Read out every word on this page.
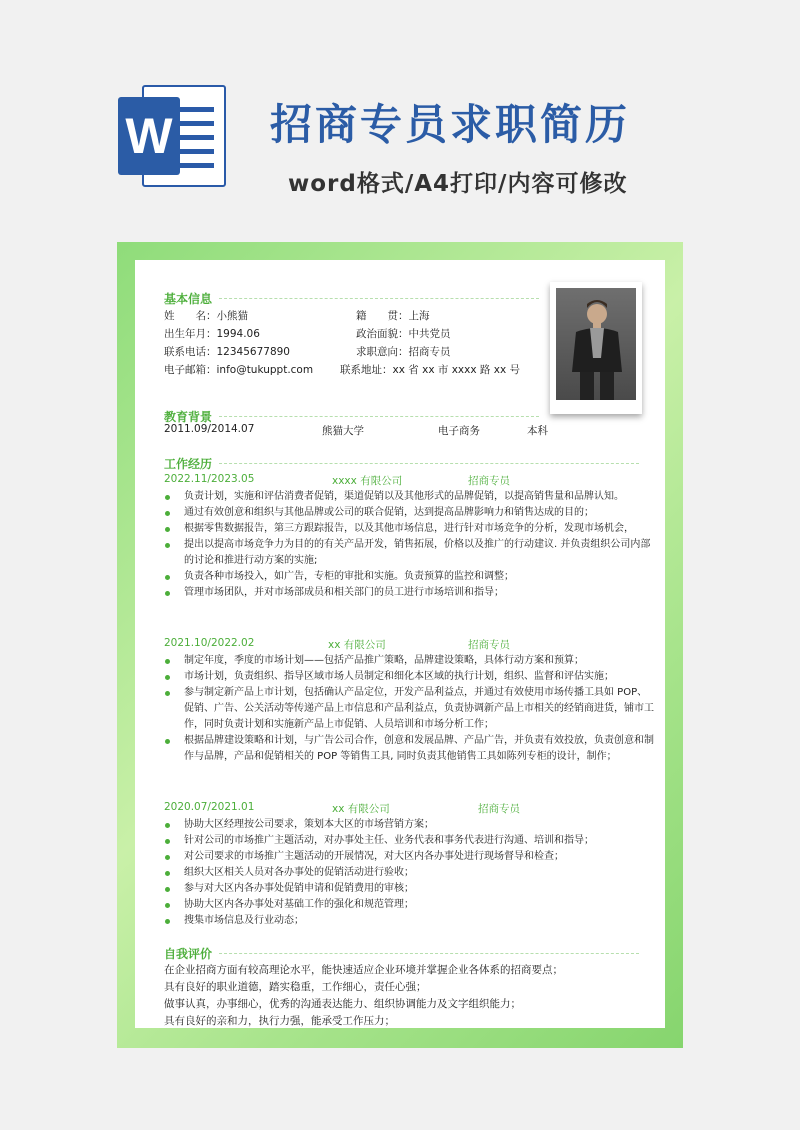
W 招商专员求职简历
word格式/A4打印/内容可修改
基本信息

姓　　名：小熊猫	籍　　贯：上海

出生年月：1994.06	政治面貌：中共党员

联系电话：12345677890	求职意向：招商专员

电子邮箱：info@tukuppt.com	联系地址：xx 省 xx 市 xxxx 路 xx 号

教育背景

2011.09/2014.07	熊猫大学	电子商务	本科

工作经历

2022.11/2023.05	xxxx 有限公司	招商专员

负责计划，实施和评估消费者促销，渠道促销以及其他形式的品牌促销，以提高销售量和品牌认知。
通过有效创意和组织与其他品牌或公司的联合促销，达到提高品牌影响力和销售达成的目的；
根据零售数据报告，第三方跟踪报告，以及其他市场信息，进行针对市场竞争的分析，发现市场机会，
提出以提高市场竞争力为目的的有关产品开发，销售拓展，价格以及推广的行动建议. 并负责组织公司内部的讨论和推进行动方案的实施;
负责各种市场投入，如广告，专柜的审批和实施。负责预算的监控和调整；
管理市场团队，并对市场部成员和相关部门的员工进行市场培训和指导；

2021.10/2022.02	xx 有限公司	招商专员

制定年度，季度的市场计划——包括产品推广策略，品牌建设策略，具体行动方案和预算；
市场计划，负责组织、指导区域市场人员制定和细化本区域的执行计划，组织、监督和评估实施；
参与制定新产品上市计划，包括确认产品定位，开发产品利益点，并通过有效使用市场传播工具如 POP、促销、广告、公关活动等传递产品上市信息和产品利益点，负责协调新产品上市相关的经销商进货，铺市工作，同时负责计划和实施新产品上市促销、人员培训和市场分析工作；
根据品牌建设策略和计划，与广告公司合作，创意和发展品牌、产品广告，并负责有效投放，负责创意和制作与品牌，产品和促销相关的 POP 等销售工具, 同时负责其他销售工具如陈列专柜的设计，制作；

2020.07/2021.01	xx 有限公司	招商专员

协助大区经理按公司要求，策划本大区的市场营销方案；
针对公司的市场推广主题活动，对办事处主任、业务代表和事务代表进行沟通、培训和指导；
对公司要求的市场推广主题活动的开展情况，对大区内各办事处进行现场督导和检查；
组织大区相关人员对各办事处的促销活动进行验收；
参与对大区内各办事处促销申请和促销费用的审核；
协助大区内各办事处对基础工作的强化和规范管理；
搜集市场信息及行业动态；
自我评价

在企业招商方面有较高理论水平，能快速适应企业环境并掌握企业各体系的招商要点；

具有良好的职业道德，踏实稳重，工作细心，责任心强；

做事认真，办事细心，优秀的沟通表达能力、组织协调能力及文字组织能力；

具有良好的亲和力，执行力强，能承受工作压力；
